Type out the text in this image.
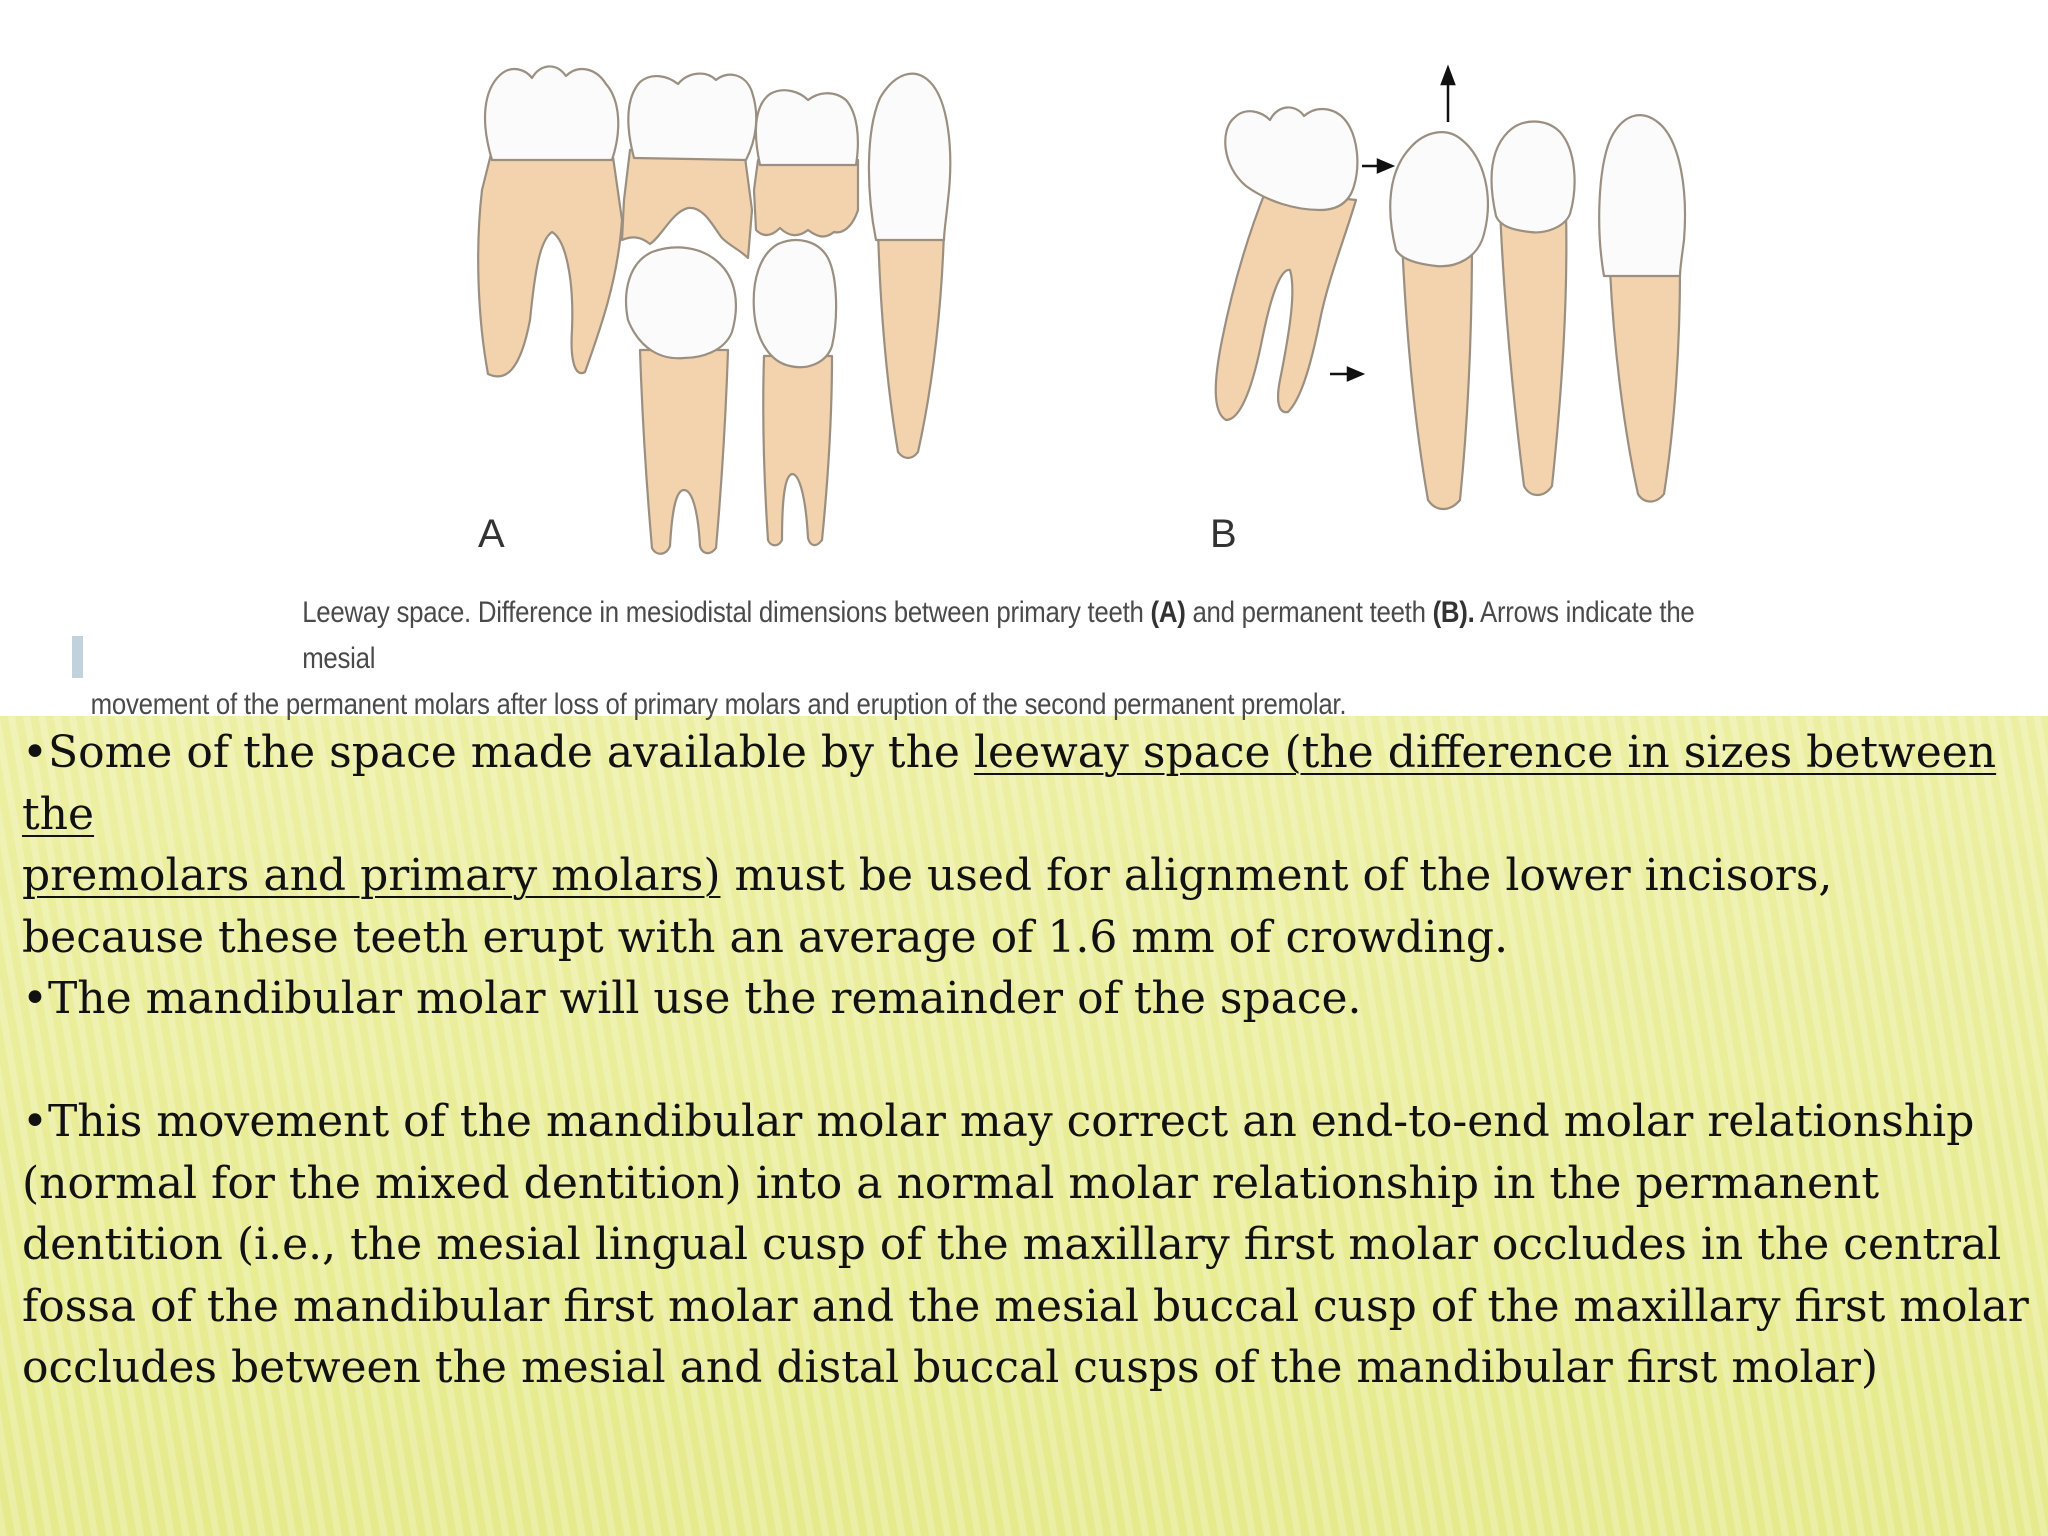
A	B
Leeway space. Difference in mesiodistal dimensions between primary teeth (A) and permanent teeth (B). Arrows indicate the mesial
movement of the permanent molars after loss of primary molars and eruption of the second permanent premolar.

•Some of the space made available by the leeway space (the difference in sizes between the
premolars and primary molars) must be used for alignment of the lower incisors,
because these teeth erupt with an average of 1.6 mm of crowding.

•The mandibular molar will use the remainder of the space.

•This movement of the mandibular molar may correct an end-to-end molar relationship
(normal for the mixed dentition) into a normal molar relationship in the permanent
dentition (i.e., the mesial lingual cusp of the maxillary first molar occludes in the central
fossa of the mandibular first molar and the mesial buccal cusp of the maxillary first molar
occludes between the mesial and distal buccal cusps of the mandibular first molar)
